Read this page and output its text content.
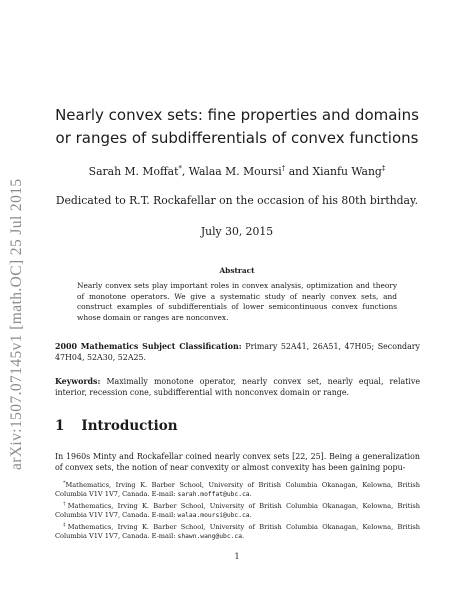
arXiv:1507.07145v1 [math.OC] 25 Jul 2015
Nearly convex sets: fine properties and domains or ranges of subdifferentials of convex functions
Sarah M. Moffat*, Walaa M. Moursi† and Xianfu Wang‡
Dedicated to R.T. Rockafellar on the occasion of his 80th birthday.
July 30, 2015
Abstract
Nearly convex sets play important roles in convex analysis, optimization and theory of monotone operators. We give a systematic study of nearly convex sets, and construct examples of subdifferentials of lower semicontinuous convex functions whose domain or ranges are nonconvex.
2000 Mathematics Subject Classification: Primary 52A41, 26A51, 47H05; Secondary 47H04, 52A30, 52A25.
Keywords: Maximally monotone operator, nearly convex set, nearly equal, relative interior, recession cone, subdifferential with nonconvex domain or range.
1 Introduction
In 1960s Minty and Rockafellar coined nearly convex sets [22, 25]. Being a generalization of convex sets, the notion of near convexity or almost convexity has been gaining popu-

*Mathematics, Irving K. Barber School, University of British Columbia Okanagan, Kelowna, British Columbia V1V 1V7, Canada. E-mail: sarah.moffat@ubc.ca.

†Mathematics, Irving K. Barber School, University of British Columbia Okanagan, Kelowna, British Columbia V1V 1V7, Canada. E-mail: walaa.moursi@ubc.ca.

‡Mathematics, Irving K. Barber School, University of British Columbia Okanagan, Kelowna, British Columbia V1V 1V7, Canada. E-mail: shawn.wang@ubc.ca.

1
